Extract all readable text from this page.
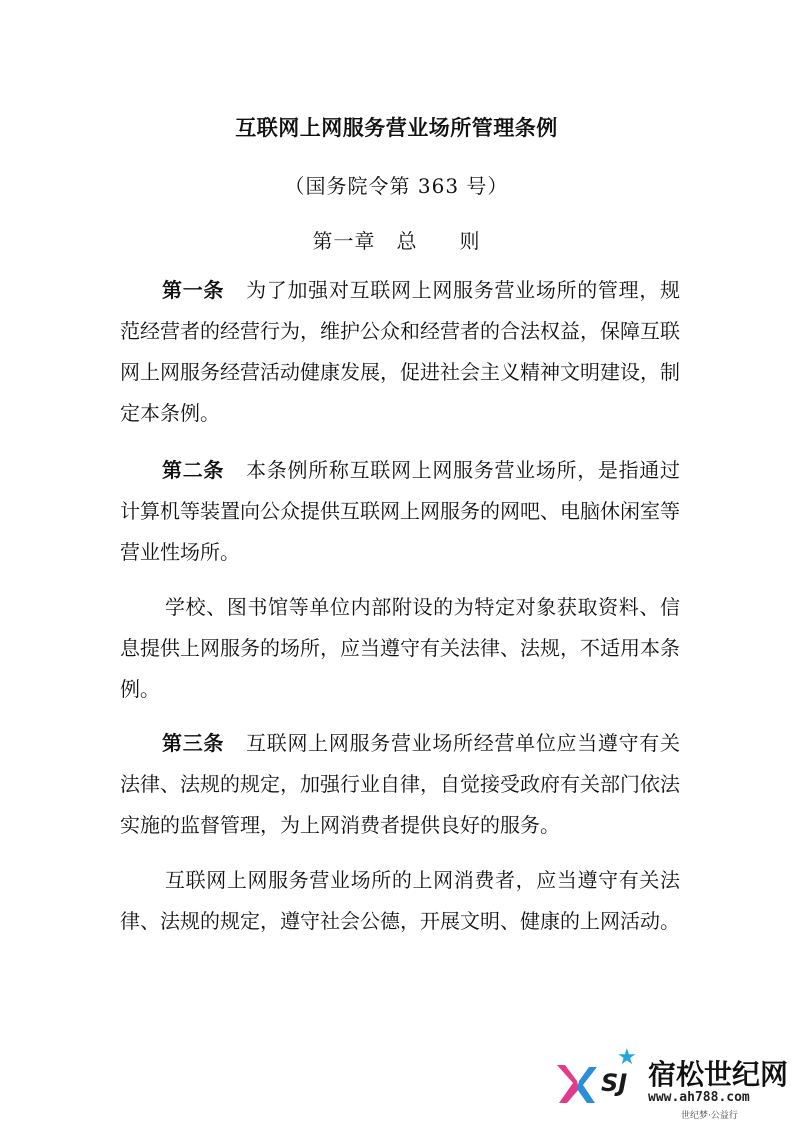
互联网上网服务营业场所管理条例
（国务院令第 363 号）
第一章　总　　则

第一条 为了加强对互联网上网服务营业场所的管理，规范经营者的经营行为，维护公众和经营者的合法权益，保障互联网上网服务经营活动健康发展，促进社会主义精神文明建设，制定本条例。

第二条 本条例所称互联网上网服务营业场所，是指通过计算机等装置向公众提供互联网上网服务的网吧、电脑休闲室等营业性场所。

学校、图书馆等单位内部附设的为特定对象获取资料、信息提供上网服务的场所，应当遵守有关法律、法规，不适用本条例。

第三条 互联网上网服务营业场所经营单位应当遵守有关法律、法规的规定，加强行业自律，自觉接受政府有关部门依法实施的监督管理，为上网消费者提供良好的服务。

互联网上网服务营业场所的上网消费者，应当遵守有关法律、法规的规定，遵守社会公德，开展文明、健康的上网活动。

★
SJ 宿松世纪网
www.ah788.com
世纪梦·公益行
